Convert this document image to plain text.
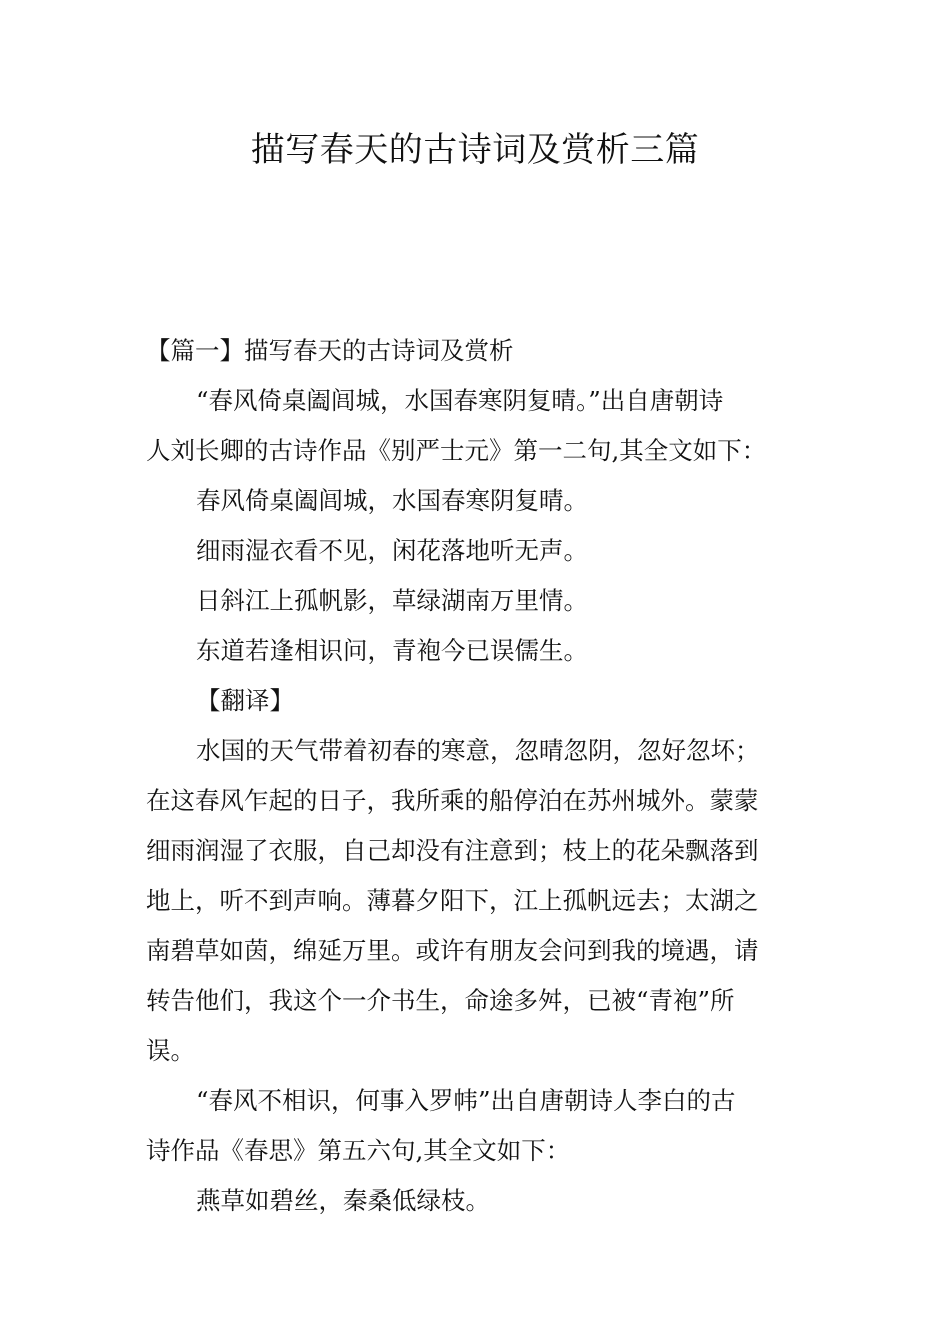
描写春天的古诗词及赏析三篇

【篇一】描写春天的古诗词及赏析

“春风倚桌阖闾城，水国春寒阴复晴。”出自唐朝诗

人刘长卿的古诗作品《别严士元》第一二句,其全文如下：

春风倚桌阖闾城，水国春寒阴复晴。

细雨湿衣看不见，闲花落地听无声。

日斜江上孤帆影，草绿湖南万里情。

东道若逢相识问，青袍今已误儒生。

【翻译】

水国的天气带着初春的寒意，忽晴忽阴，忽好忽坏；

在这春风乍起的日子，我所乘的船停泊在苏州城外。蒙蒙

细雨润湿了衣服，自己却没有注意到；枝上的花朵飘落到

地上，听不到声响。薄暮夕阳下，江上孤帆远去；太湖之

南碧草如茵，绵延万里。或许有朋友会问到我的境遇，请

转告他们，我这个一介书生，命途多舛，已被“青袍”所

误。

“春风不相识，何事入罗帏”出自唐朝诗人李白的古

诗作品《春思》第五六句,其全文如下：

燕草如碧丝，秦桑低绿枝。
